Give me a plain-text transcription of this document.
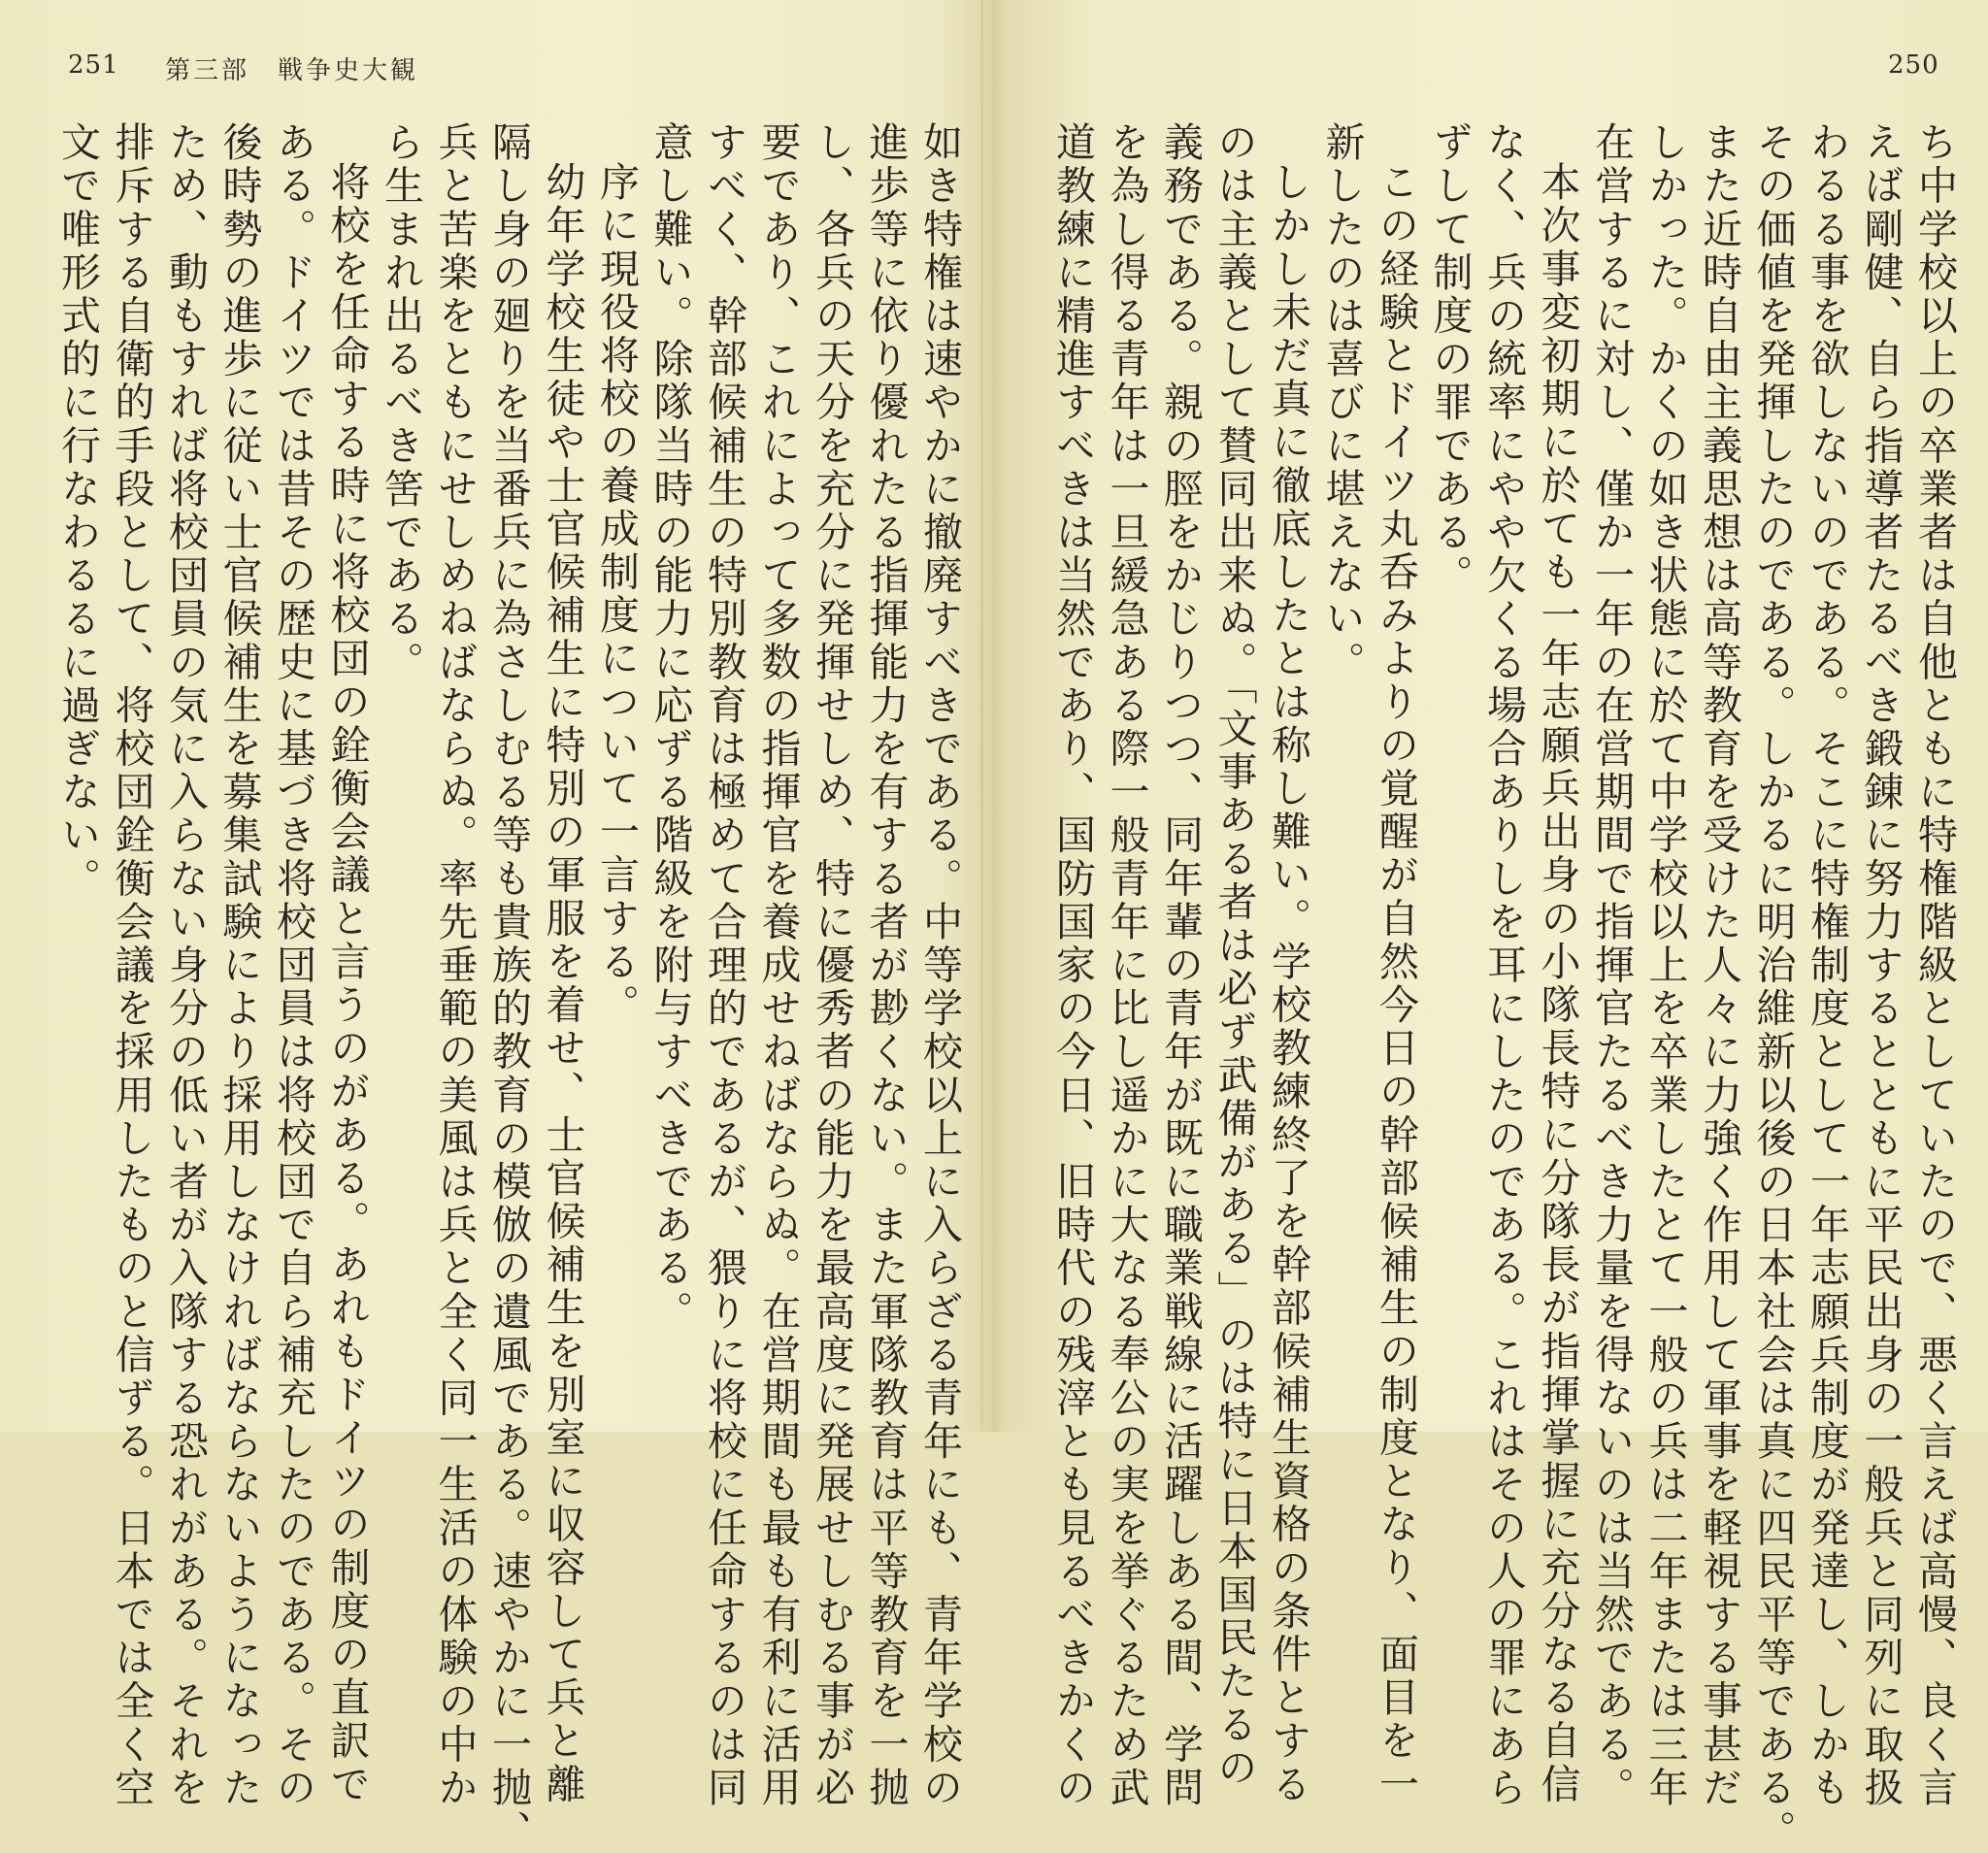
251 第三部　戦争史大観

如き特権は速やかに撤廃すべきである。中等学校以上に入らざる青年にも、青年学校の

進歩等に依り優れたる指揮能力を有する者が尠くない。また軍隊教育は平等教育を一抛

し、各兵の天分を充分に発揮せしめ、特に優秀者の能力を最高度に発展せしむる事が必

要であり、これによって多数の指揮官を養成せねばならぬ。在営期間も最も有利に活用

すべく、幹部候補生の特別教育は極めて合理的であるが、猥りに将校に任命するのは同

意し難い。除隊当時の能力に応ずる階級を附与すべきである。

序に現役将校の養成制度について一言する。

幼年学校生徒や士官候補生に特別の軍服を着せ、士官候補生を別室に収容して兵と離

隔し身の廻りを当番兵に為さしむる等も貴族的教育の模倣の遺風である。速やかに一抛、

兵と苦楽をともにせしめねばならぬ。率先垂範の美風は兵と全く同一生活の体験の中か

ら生まれ出るべき筈である。

将校を任命する時に将校団の銓衡会議と言うのがある。あれもドイツの制度の直訳で

ある。ドイツでは昔その歴史に基づき将校団員は将校団で自ら補充したのである。その

後時勢の進歩に従い士官候補生を募集試験により採用しなければならないようになった

ため、動もすれば将校団員の気に入らない身分の低い者が入隊する恐れがある。それを

排斥する自衛的手段として、将校団銓衡会議を採用したものと信ずる。日本では全く空

文で唯形式的に行なわるるに過ぎない。

250

ち中学校以上の卒業者は自他ともに特権階級としていたので、悪く言えば高慢、良く言

えば剛健、自ら指導者たるべき鍛錬に努力するとともに平民出身の一般兵と同列に取扱

わるる事を欲しないのである。そこに特権制度として一年志願兵制度が発達し、しかも

その価値を発揮したのである。しかるに明治維新以後の日本社会は真に四民平等である。

また近時自由主義思想は高等教育を受けた人々に力強く作用して軍事を軽視する事甚だ

しかった。かくの如き状態に於て中学校以上を卒業したとて一般の兵は二年または三年

在営するに対し、僅か一年の在営期間で指揮官たるべき力量を得ないのは当然である。

本次事変初期に於ても一年志願兵出身の小隊長特に分隊長が指揮掌握に充分なる自信

なく、兵の統率にやや欠くる場合ありしを耳にしたのである。これはその人の罪にあら

ずして制度の罪である。

この経験とドイツ丸呑みよりの覚醒が自然今日の幹部候補生の制度となり、面目を一

新したのは喜びに堪えない。

しかし未だ真に徹底したとは称し難い。学校教練終了を幹部候補生資格の条件とする

のは主義として賛同出来ぬ。「文事ある者は必ず武備がある」のは特に日本国民たるの

義務である。親の脛をかじりつつ、同年輩の青年が既に職業戦線に活躍しある間、学問

を為し得る青年は一旦緩急ある際一般青年に比し遥かに大なる奉公の実を挙ぐるため武

道教練に精進すべきは当然であり、国防国家の今日、旧時代の残滓とも見るべきかくの
